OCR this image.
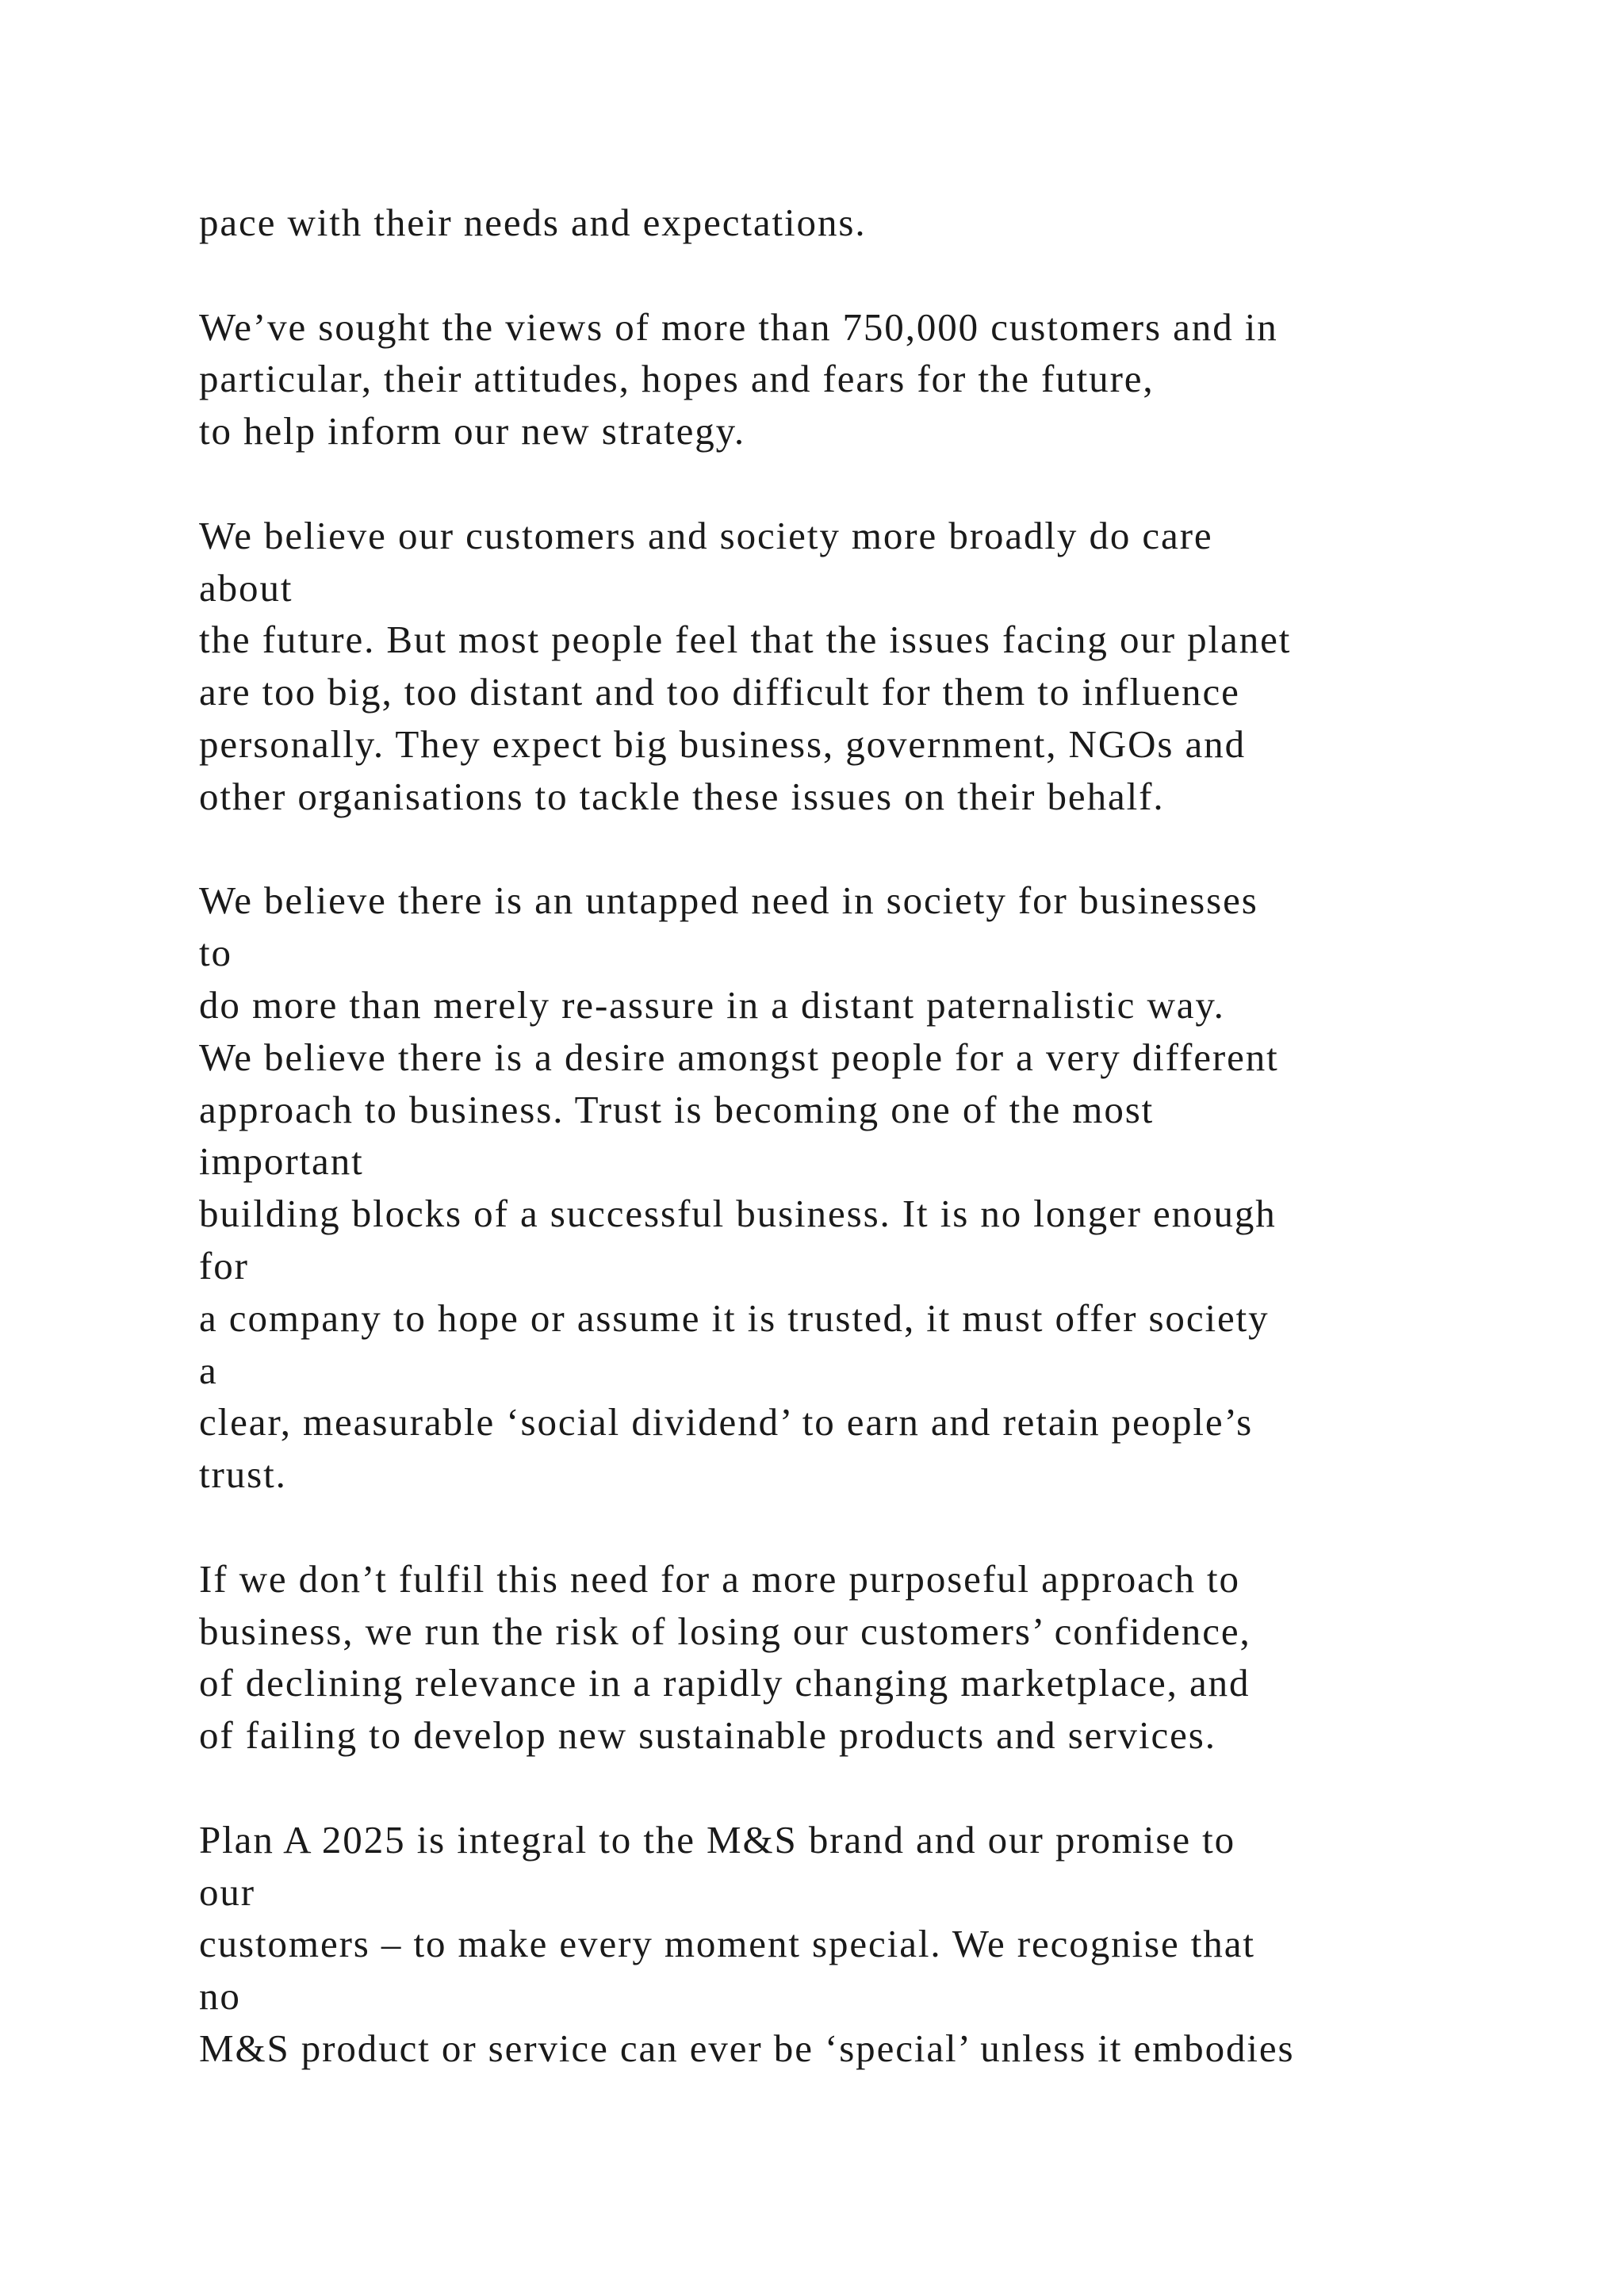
pace with their needs and expectations.
We’ve sought the views of more than 750,000 customers and in
particular, their attitudes, hopes and fears for the future,
to help inform our new strategy.
We believe our customers and society more broadly do care
about
the future. But most people feel that the issues facing our planet
are too big, too distant and too difficult for them to influence
personally. They expect big business, government, NGOs and
other organisations to tackle these issues on their behalf.
We believe there is an untapped need in society for businesses
to
do more than merely re-assure in a distant paternalistic way.
We believe there is a desire amongst people for a very different
approach to business. Trust is becoming one of the most
important
building blocks of a successful business. It is no longer enough
for
a company to hope or assume it is trusted, it must offer society
a
clear, measurable ‘social dividend’ to earn and retain people’s
trust.
If we don’t fulfil this need for a more purposeful approach to
business, we run the risk of losing our customers’ confidence,
of declining relevance in a rapidly changing marketplace, and
of failing to develop new sustainable products and services.
Plan A 2025 is integral to the M&S brand and our promise to
our
customers – to make every moment special. We recognise that
no
M&S product or service can ever be ‘special’ unless it embodies
